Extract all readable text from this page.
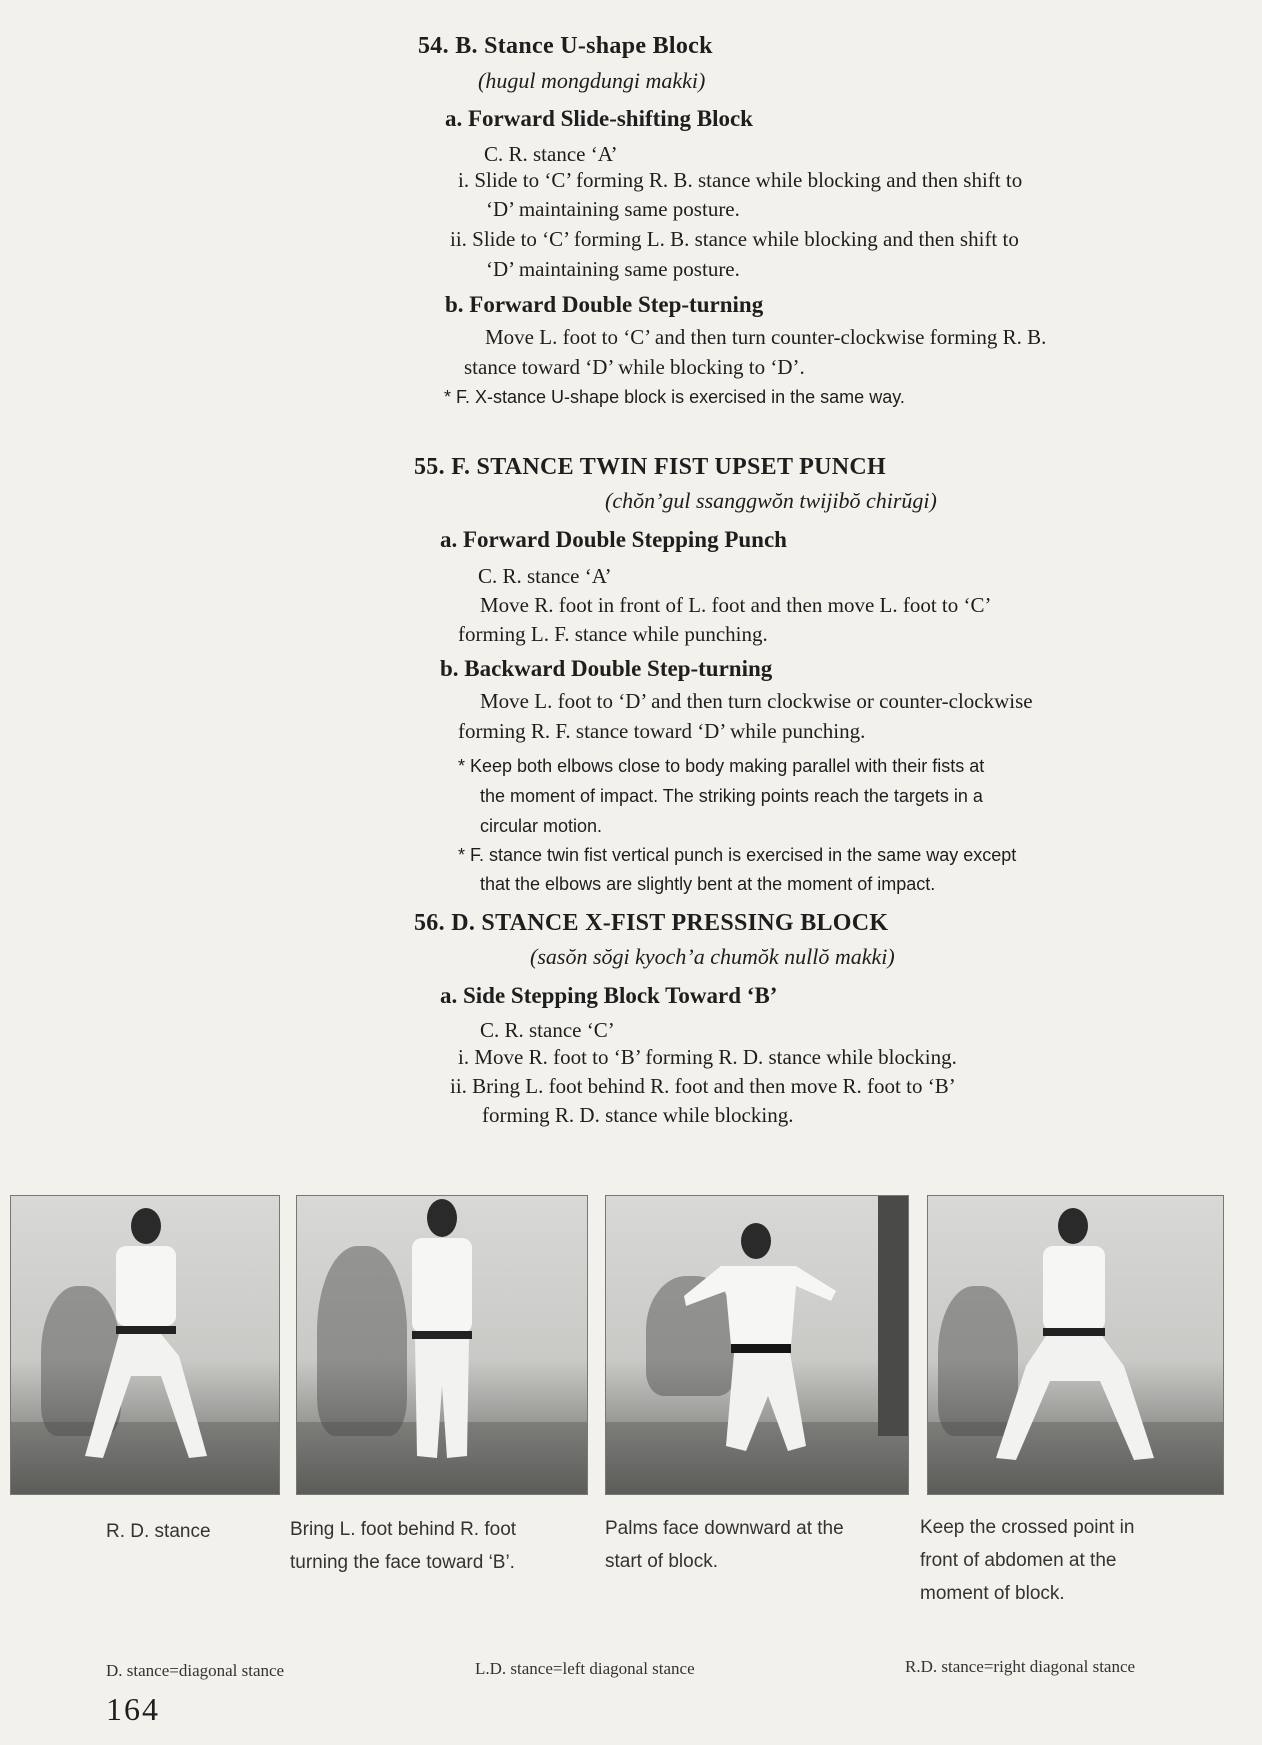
54. B. Stance U-shape Block
(hugul mongdungi makki)
a. Forward Slide-shifting Block
C. R. stance ‘A’
i. Slide to ‘C’ forming R. B. stance while blocking and then shift to
‘D’ maintaining same posture.
ii. Slide to ‘C’ forming L. B. stance while blocking and then shift to
‘D’ maintaining same posture.
b. Forward Double Step-turning
Move L. foot to ‘C’ and then turn counter-clockwise forming R. B.
stance toward ‘D’ while blocking to ‘D’.
* F. X-stance U-shape block is exercised in the same way.
55. F. STANCE TWIN FIST UPSET PUNCH
(chŏn’gul ssanggwŏn twijibŏ chirŭgi)
a. Forward Double Stepping Punch
C. R. stance ‘A’
Move R. foot in front of L. foot and then move L. foot to ‘C’
forming L. F. stance while punching.
b. Backward Double Step-turning
Move L. foot to ‘D’ and then turn clockwise or counter-clockwise
forming R. F. stance toward ‘D’ while punching.
* Keep both elbows close to body making parallel with their fists at
the moment of impact. The striking points reach the targets in a
circular motion.
* F. stance twin fist vertical punch is exercised in the same way except
that the elbows are slightly bent at the moment of impact.
56. D. STANCE X-FIST PRESSING BLOCK
(sasŏn sŏgi kyoch’a chumŏk nullŏ makki)
a. Side Stepping Block Toward ‘B’
C. R. stance ‘C’
i. Move R. foot to ‘B’ forming R. D. stance while blocking.
ii. Bring L. foot behind R. foot and then move R. foot to ‘B’
forming R. D. stance while blocking.
R. D. stance	Bring L. foot behind R. foot
turning the face toward ‘B’.
Palms face downward at the
start of block.
Keep the crossed point in
front of abdomen at the
moment of block.
D. stance=diagonal stance	L.D. stance=left diagonal stance	R.D. stance=right diagonal stance
164
